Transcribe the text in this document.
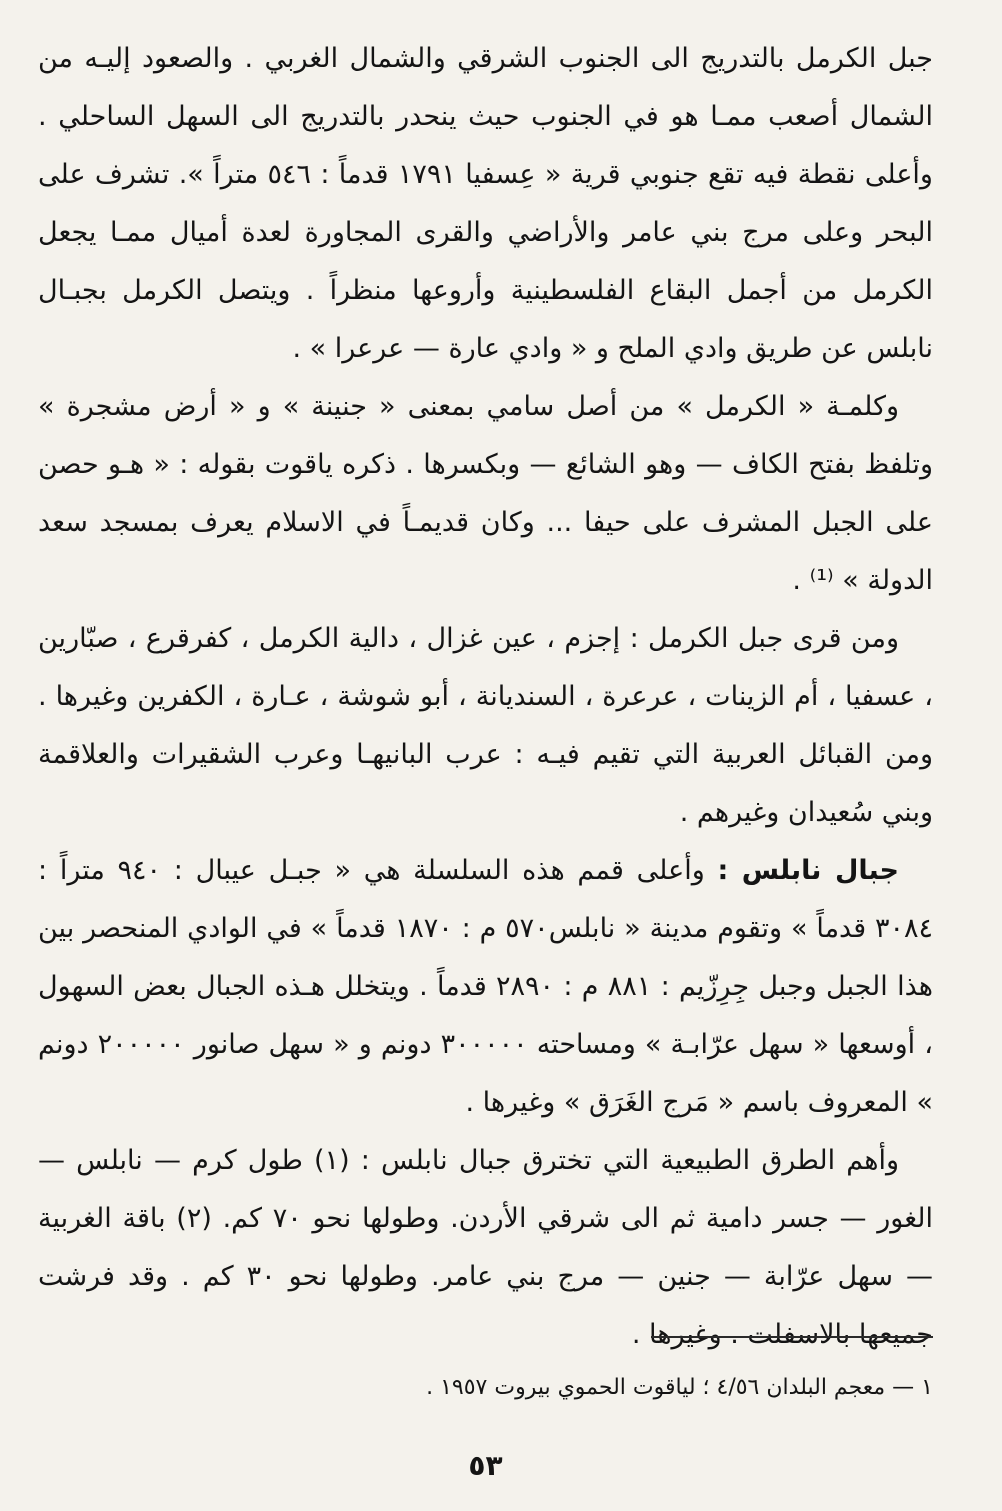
جبل الكرمل بالتدريج الى الجنوب الشرقي والشمال الغربي . والصعود إليـه من الشمال أصعب ممـا هو في الجنوب حيث ينحدر بالتدريج الى السهل الساحلي . وأعلى نقطة فيه تقع جنوبي قرية « عِسفيا ١٧٩١ قدماً : ٥٤٦ متراً ». تشرف على البحر وعلى مرج بني عامر والأراضي والقرى المجاورة لعدة أميال ممـا يجعل الكرمل من أجمل البقاع الفلسطينية وأروعها منظراً . ويتصل الكرمل بجبـال نابلس عن طريق وادي الملح و « وادي عارة — عرعرا » .

وكلمـة « الكرمل » من أصل سامي بمعنى « جنينة » و « أرض مشجرة » وتلفظ بفتح الكاف — وهو الشائع — وبكسرها . ذكره ياقوت بقوله : « هـو حصن على الجبل المشرف على حيفا ... وكان قديمـاً في الاسلام يعرف بمسجد سعد الدولة » ⁽¹⁾ .

ومن قرى جبل الكرمل : إجزم ، عين غزال ، دالية الكرمل ، كفرقرع ، صبّارين ، عسفيا ، أم الزينات ، عرعرة ، السنديانة ، أبو شوشة ، عـارة ، الكفرين وغيرها . ومن القبائل العربية التي تقيم فيـه : عرب البانيهـا وعرب الشقيرات والعلاقمة وبني سُعيدان وغيرهم .

جبال نابلس : وأعلى قمم هذه السلسلة هي « جبـل عيبال : ٩٤٠ متراً : ٣٠٨٤ قدماً » وتقوم مدينة « نابلس٥٧٠ م : ١٨٧٠ قدماً » في الوادي المنحصر بين هذا الجبل وجبل جِرِزّيم : ٨٨١ م : ٢٨٩٠ قدماً . ويتخلل هـذه الجبال بعض السهول ، أوسعها « سهل عرّابـة » ومساحته ٣٠٠٠٠٠ دونم و « سهل صانور ٢٠٠٠٠٠ دونم » المعروف باسم « مَرج الغَرَق » وغيرها .

وأهم الطرق الطبيعية التي تخترق جبال نابلس : (١) طول كرم — نابلس — الغور — جسر دامية ثم الى شرقي الأردن. وطولها نحو ٧٠ كم. (٢) باقة الغربية — سهل عرّابة — جنين — مرج بني عامر. وطولها نحو ٣٠ كم . وقد فرشت جميعها بالاسفلت . وغيرها .

١ — معجم البلدان ٤/٥٦ ؛ لياقوت الحموي بيروت ١٩٥٧ .
٥٣
